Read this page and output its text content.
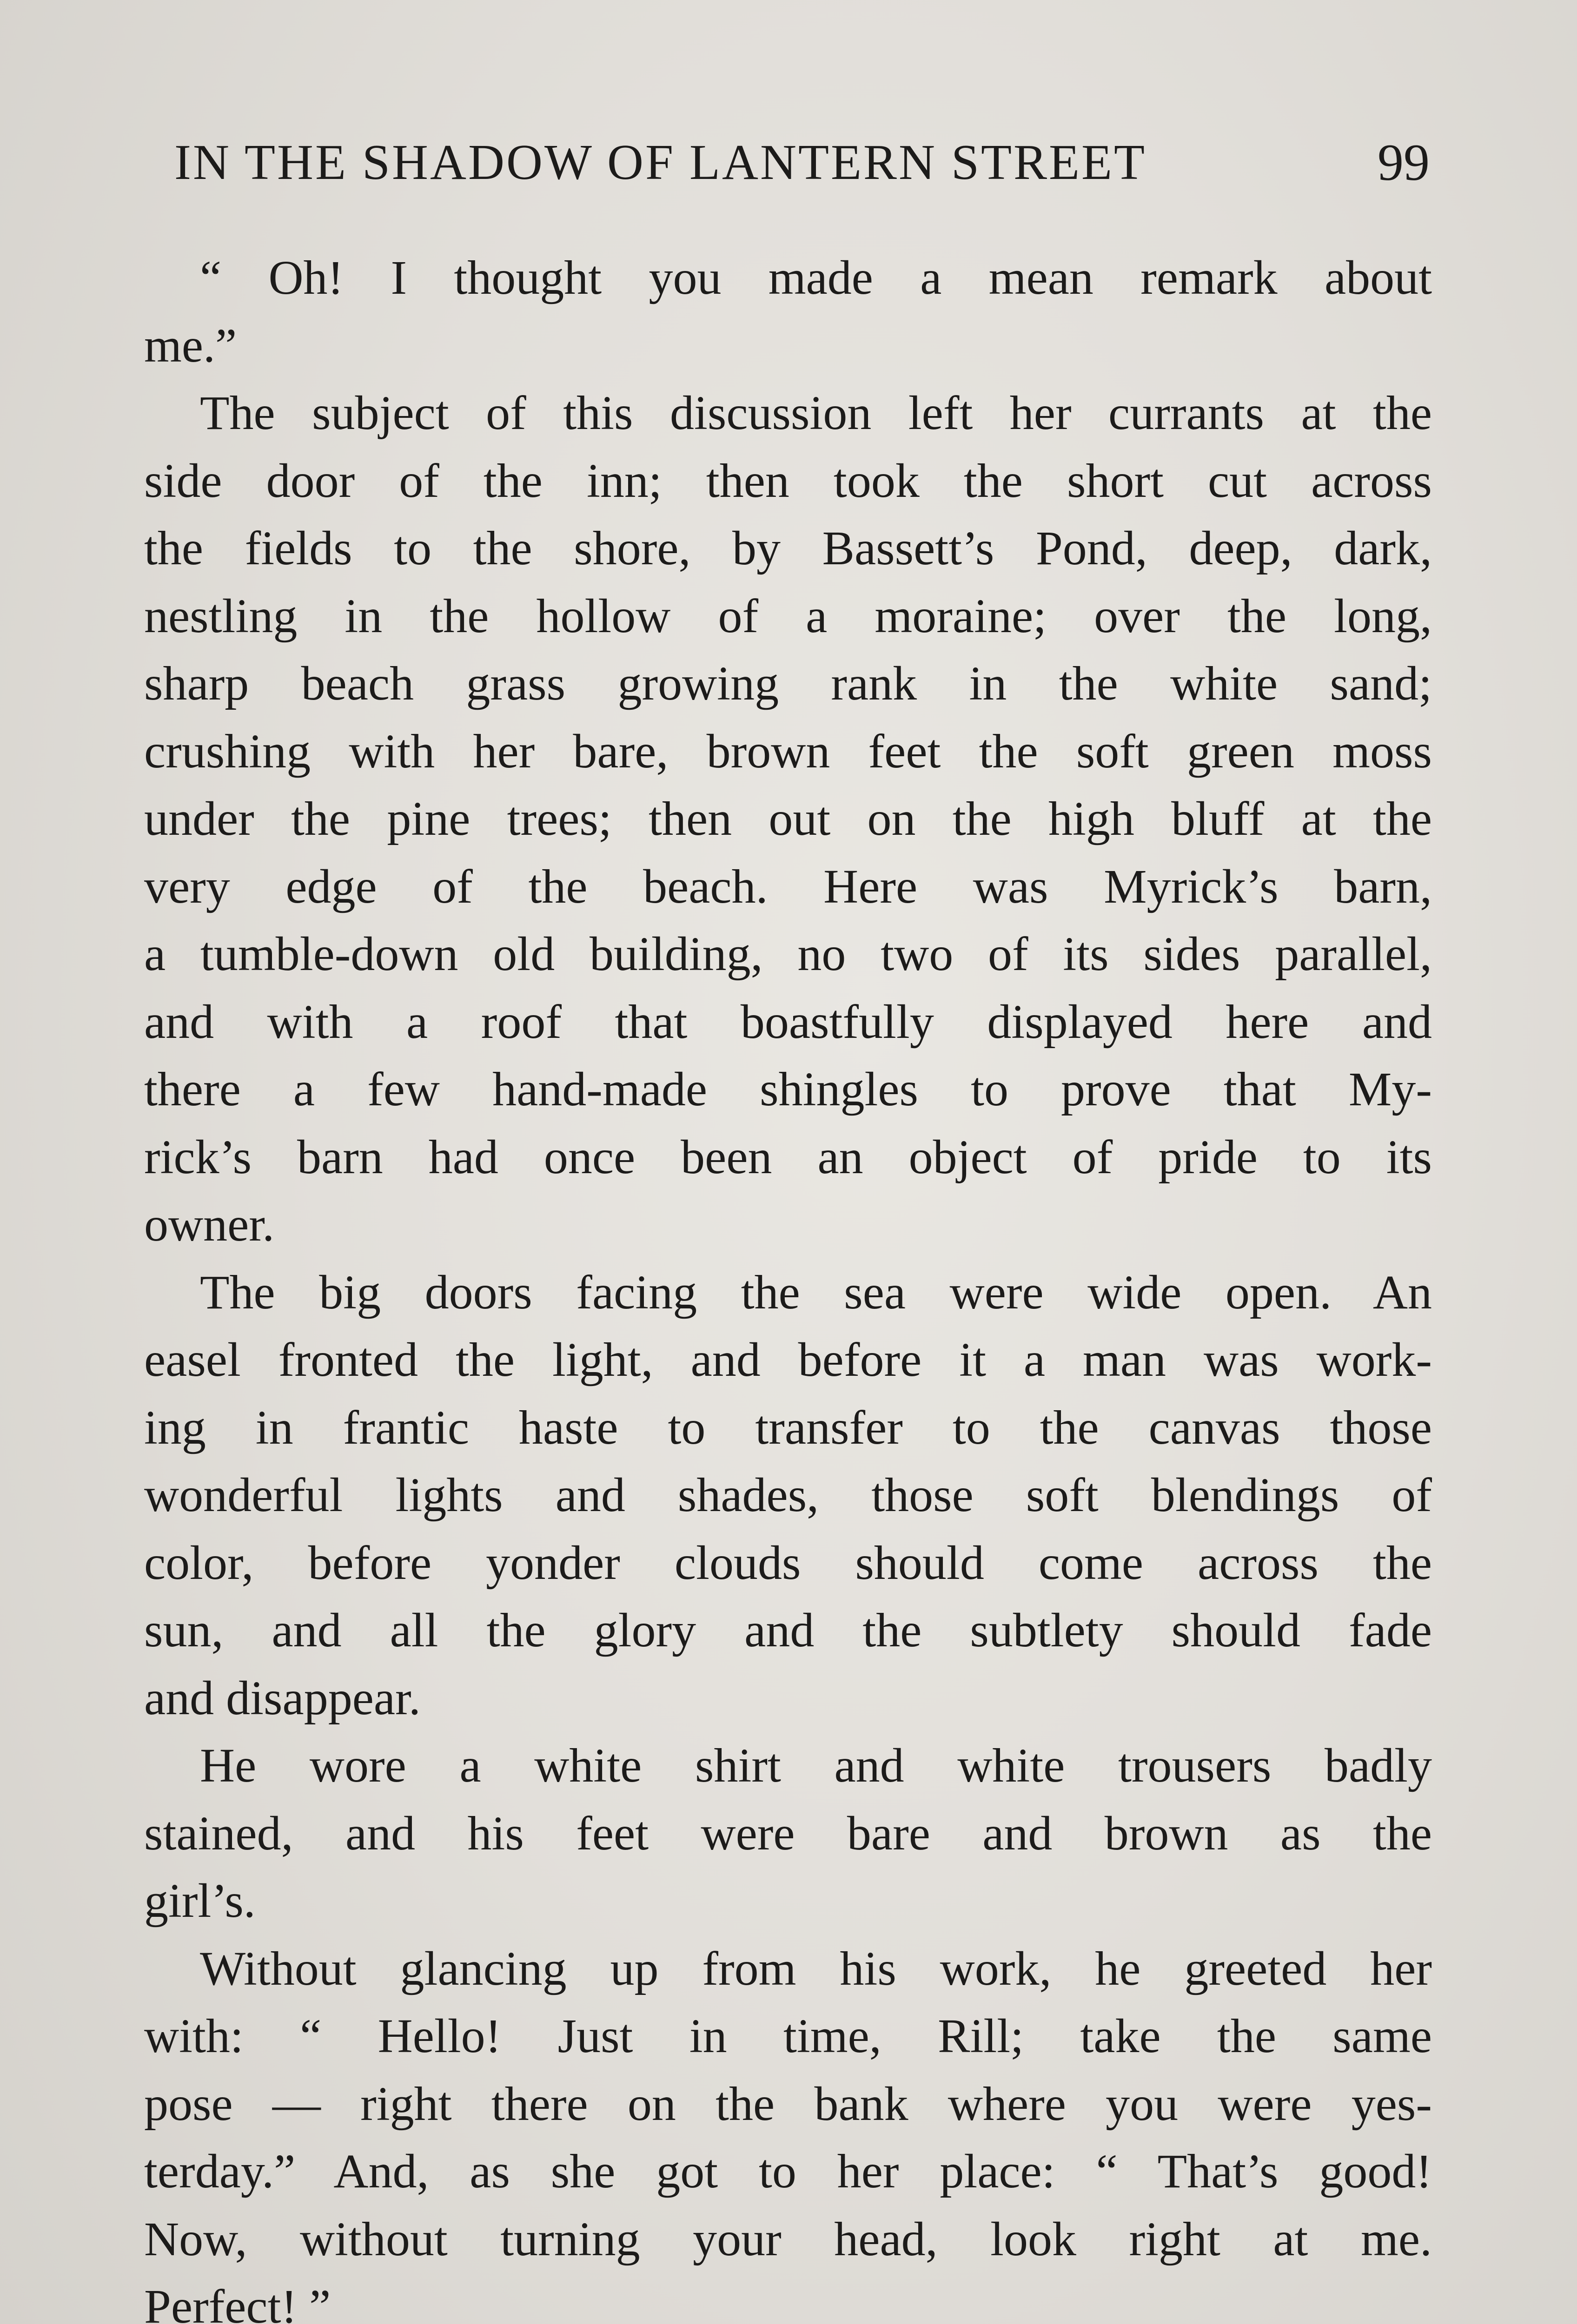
IN THE SHADOW OF LANTERN STREET	99
“ Oh! I thought you made a mean remark about
me.”
The subject of this discussion left her currants at the
side door of the inn; then took the short cut across
the fields to the shore, by Bassett’s Pond, deep, dark,
nestling in the hollow of a moraine; over the long,
sharp beach grass growing rank in the white sand;
crushing with her bare, brown feet the soft green moss
under the pine trees; then out on the high bluff at the
very edge of the beach. Here was Myrick’s barn,
a tumble-down old building, no two of its sides parallel,
and with a roof that boastfully displayed here and
there a few hand-made shingles to prove that My-
rick’s barn had once been an object of pride to its
owner.
The big doors facing the sea were wide open. An
easel fronted the light, and before it a man was work-
ing in frantic haste to transfer to the canvas those
wonderful lights and shades, those soft blendings of
color, before yonder clouds should come across the
sun, and all the glory and the subtlety should fade
and disappear.
He wore a white shirt and white trousers badly
stained, and his feet were bare and brown as the
girl’s.
Without glancing up from his work, he greeted her
with: “ Hello! Just in time, Rill; take the same
pose — right there on the bank where you were yes-
terday.” And, as she got to her place: “ That’s good!
Now, without turning your head, look right at me.
Perfect! ”
